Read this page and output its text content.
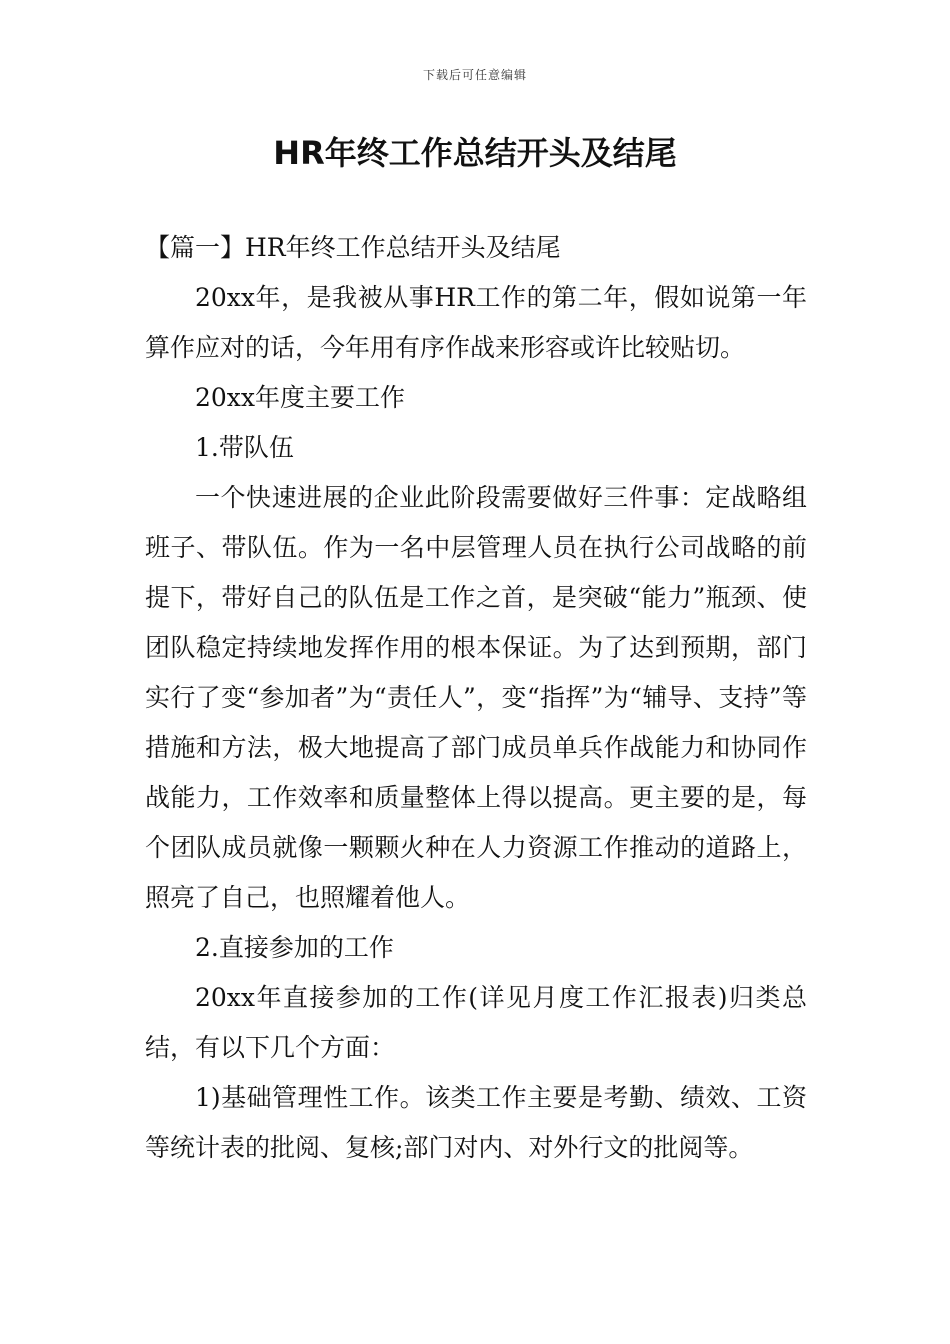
下载后可任意编辑
HR年终工作总结开头及结尾

【篇一】HR年终工作总结开头及结尾

20xx年，是我被从事HR工作的第二年，假如说第一年算作应对的话，今年用有序作战来形容或许比较贴切。

20xx年度主要工作

1.带队伍

一个快速进展的企业此阶段需要做好三件事：定战略组班子、带队伍。作为一名中层管理人员在执行公司战略的前提下，带好自己的队伍是工作之首，是突破“能力”瓶颈、使团队稳定持续地发挥作用的根本保证。为了达到预期，部门实行了变“参加者”为“责任人”，变“指挥”为“辅导、支持”等措施和方法，极大地提高了部门成员单兵作战能力和协同作战能力，工作效率和质量整体上得以提高。更主要的是，每个团队成员就像一颗颗火种在人力资源工作推动的道路上，照亮了自己，也照耀着他人。

2.直接参加的工作

20xx年直接参加的工作(详见月度工作汇报表)归类总结，有以下几个方面：

1)基础管理性工作。该类工作主要是考勤、绩效、工资等统计表的批阅、复核;部门对内、对外行文的批阅等。
